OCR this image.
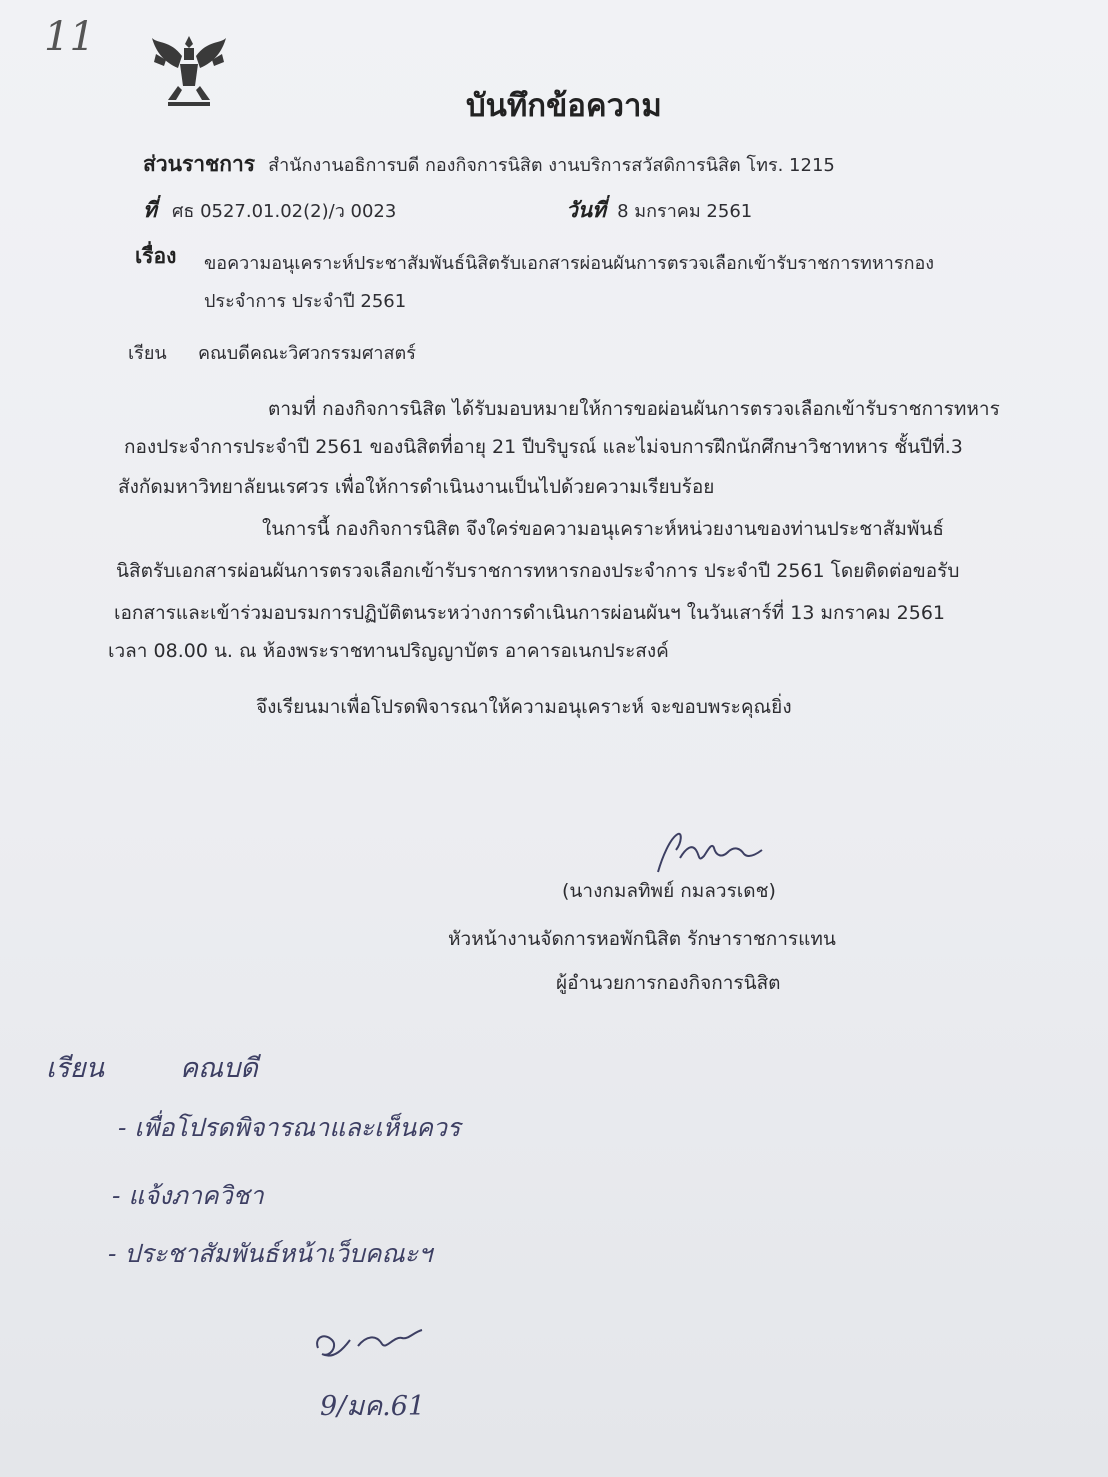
11
บันทึกข้อความ
ส่วนราชการ สำนักงานอธิการบดี กองกิจการนิสิต งานบริการสวัสดิการนิสิต โทร. 1215
ที่ ศธ 0527.01.02(2)/ว 0023	วันที่ 8 มกราคม 2561
เรื่อง ขอความอนุเคราะห์ประชาสัมพันธ์นิสิตรับเอกสารผ่อนผันการตรวจเลือกเข้ารับราชการทหารกอง
ประจำการ ประจำปี 2561
เรียน คณบดีคณะวิศวกรรมศาสตร์
ตามที่ กองกิจการนิสิต ได้รับมอบหมายให้การขอผ่อนผันการตรวจเลือกเข้ารับราชการทหาร
กองประจำการประจำปี 2561 ของนิสิตที่อายุ 21 ปีบริบูรณ์ และไม่จบการฝึกนักศึกษาวิชาทหาร ชั้นปีที่.3
สังกัดมหาวิทยาลัยนเรศวร เพื่อให้การดำเนินงานเป็นไปด้วยความเรียบร้อย
ในการนี้ กองกิจการนิสิต จึงใคร่ขอความอนุเคราะห์หน่วยงานของท่านประชาสัมพันธ์
นิสิตรับเอกสารผ่อนผันการตรวจเลือกเข้ารับราชการทหารกองประจำการ ประจำปี 2561 โดยติดต่อขอรับ
เอกสารและเข้าร่วมอบรมการปฏิบัติตนระหว่างการดำเนินการผ่อนผันฯ ในวันเสาร์ที่ 13 มกราคม 2561
เวลา 08.00 น. ณ ห้องพระราชทานปริญญาบัตร อาคารอเนกประสงค์
จึงเรียนมาเพื่อโปรดพิจารณาให้ความอนุเคราะห์ จะขอบพระคุณยิ่ง
(นางกมลทิพย์ กมลวรเดช)
หัวหน้างานจัดการหอพักนิสิต รักษาราชการแทน
ผู้อำนวยการกองกิจการนิสิต
เรียน	คณบดี
- เพื่อโปรดพิจารณาและเห็นควร
- แจ้งภาควิชา
- ประชาสัมพันธ์หน้าเว็บคณะฯ
9/มค.61
